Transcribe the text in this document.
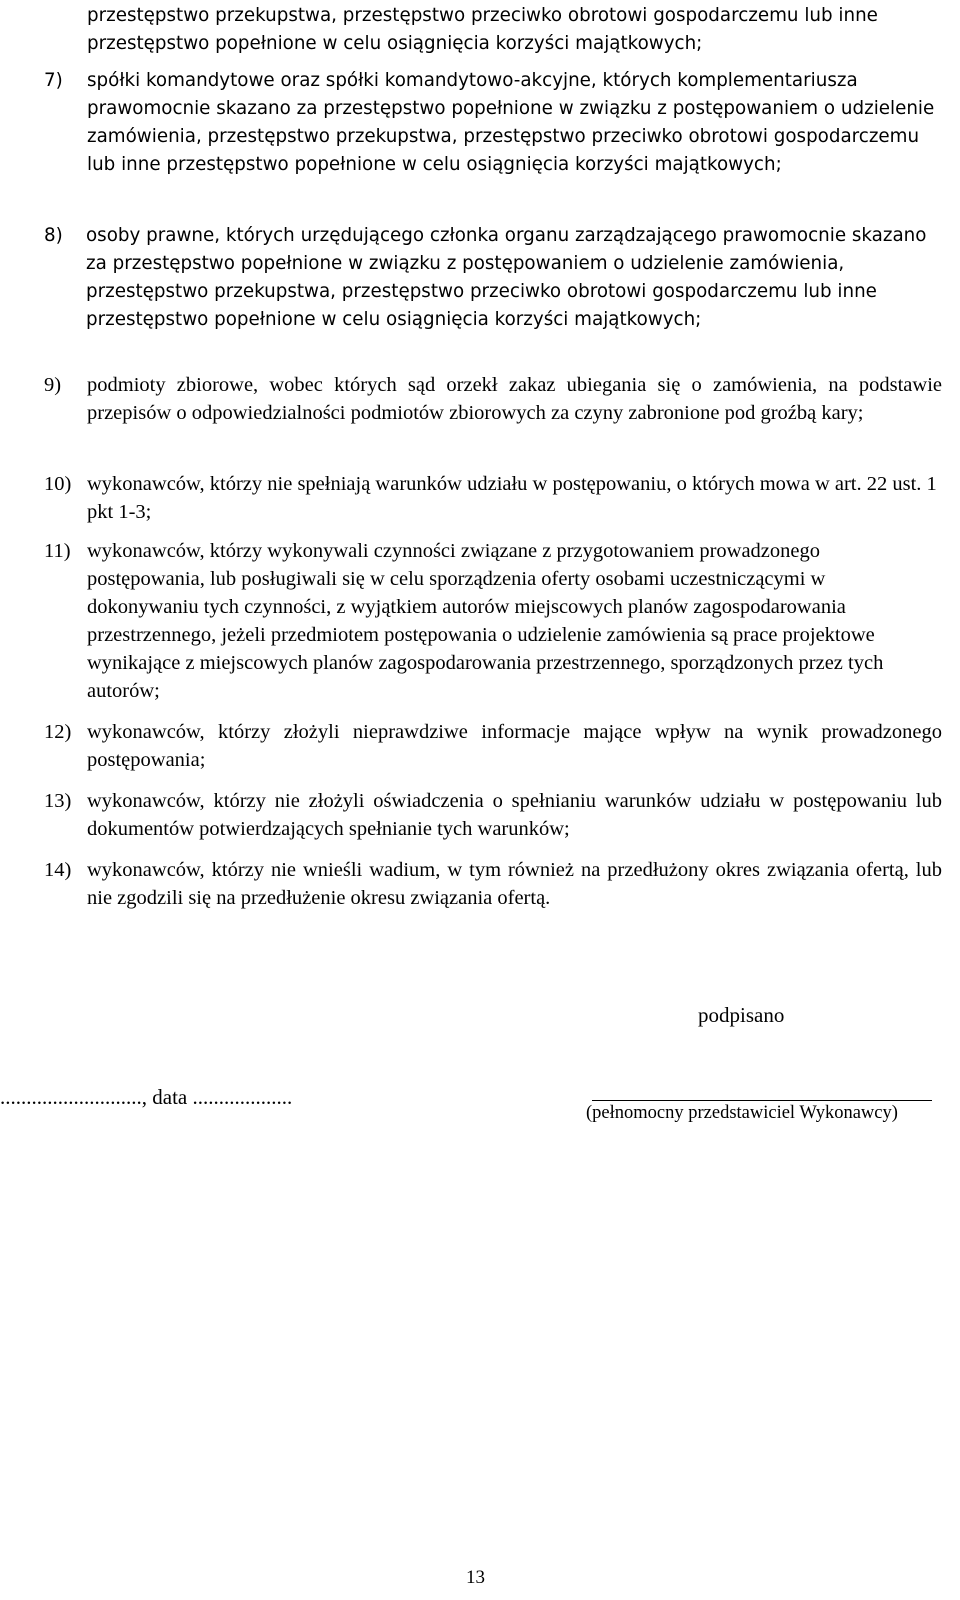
przestępstwo przekupstwa, przestępstwo przeciwko obrotowi gospodarczemu lub inne przestępstwo popełnione w celu osiągnięcia korzyści majątkowych;
7) spółki komandytowe oraz spółki komandytowo-akcyjne, których komplementariusza prawomocnie skazano za przestępstwo popełnione w związku z postępowaniem o udzielenie zamówienia, przestępstwo przekupstwa, przestępstwo przeciwko obrotowi gospodarczemu lub inne przestępstwo popełnione w celu osiągnięcia korzyści majątkowych;
8) osoby prawne, których urzędującego członka organu zarządzającego prawomocnie skazano za przestępstwo popełnione w związku z postępowaniem o udzielenie zamówienia, przestępstwo przekupstwa, przestępstwo przeciwko obrotowi gospodarczemu lub inne przestępstwo popełnione w celu osiągnięcia korzyści majątkowych;
9) podmioty zbiorowe, wobec których sąd orzekł zakaz ubiegania się o zamówienia, na podstawie przepisów o odpowiedzialności podmiotów zbiorowych za czyny zabronione pod groźbą kary;
10) wykonawców, którzy nie spełniają warunków udziału w postępowaniu, o których mowa w art. 22 ust. 1 pkt 1-3;
11) wykonawców, którzy wykonywali czynności związane z przygotowaniem prowadzonego postępowania, lub posługiwali się w celu sporządzenia oferty osobami uczestniczącymi w dokonywaniu tych czynności, z wyjątkiem autorów miejscowych planów zagospodarowania przestrzennego, jeżeli przedmiotem postępowania o udzielenie zamówienia są prace projektowe wynikające z miejscowych planów zagospodarowania przestrzennego, sporządzonych przez tych autorów;
12) wykonawców, którzy złożyli nieprawdziwe informacje mające wpływ na wynik prowadzonego postępowania;
13) wykonawców, którzy nie złożyli oświadczenia o spełnianiu warunków udziału w postępowaniu lub dokumentów potwierdzających spełnianie tych warunków;
14) wykonawców, którzy nie wnieśli wadium, w tym również na przedłużony okres związania ofertą, lub nie zgodzili się na przedłużenie okresu związania ofertą.
podpisano
..........................., data ...................
(pełnomocny przedstawiciel Wykonawcy)
13
